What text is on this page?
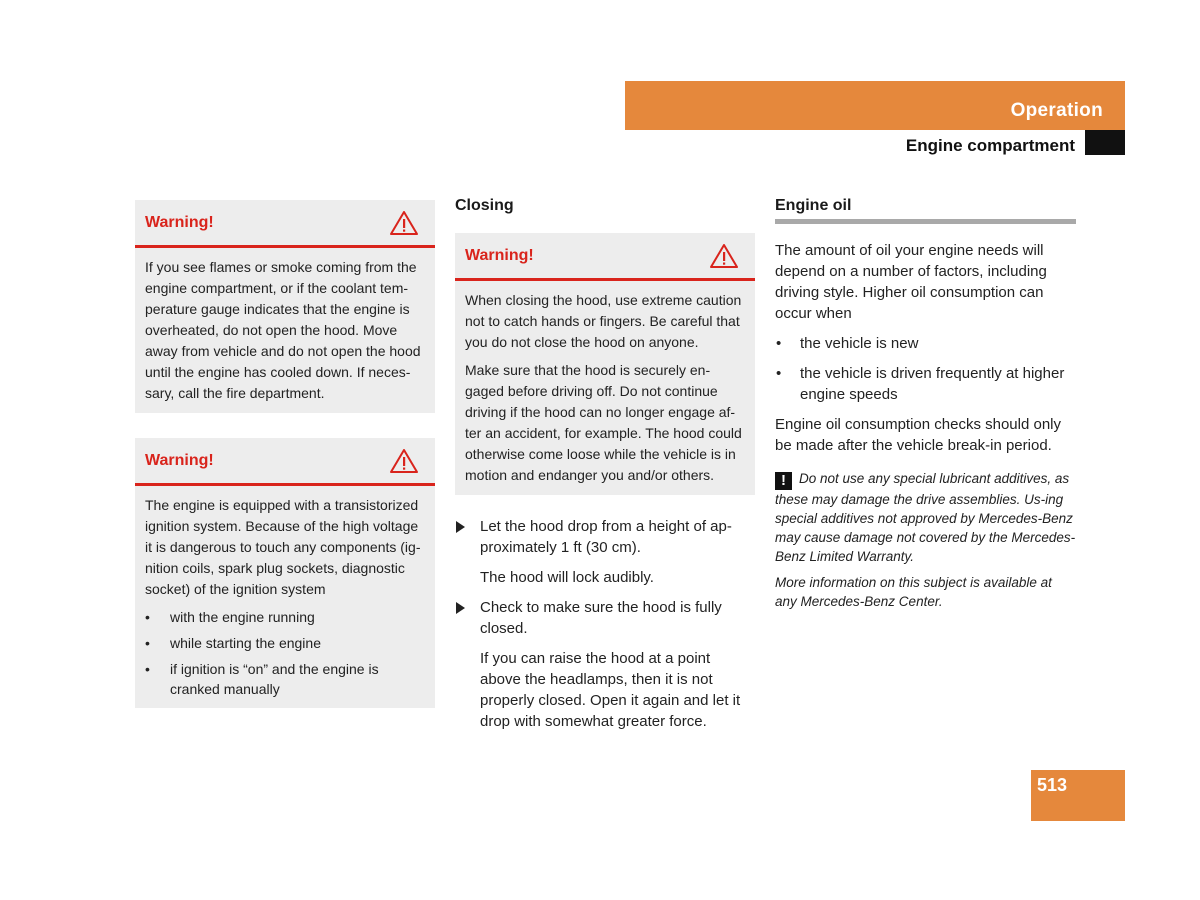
Operation
Engine compartment
Warning!

If you see flames or smoke coming from the engine compartment, or if the coolant tem-perature gauge indicates that the engine is overheated, do not open the hood. Move away from vehicle and do not open the hood until the engine has cooled down. If neces-sary, call the fire department.

Warning!

The engine is equipped with a transistorized ignition system. Because of the high voltage it is dangerous to touch any components (ig-nition coils, spark plug sockets, diagnostic socket) of the ignition system

• with the engine running
• while starting the engine
• if ignition is “on” and the engine is cranked manually
Closing
Warning!

When closing the hood, use extreme caution not to catch hands or fingers. Be careful that you do not close the hood on anyone.

Make sure that the hood is securely en-gaged before driving off. Do not continue driving if the hood can no longer engage af-ter an accident, for example. The hood could otherwise come loose while the vehicle is in motion and endanger you and/or others.

Let the hood drop from a height of ap-proximately 1 ft (30 cm).
The hood will lock audibly.
Check to make sure the hood is fully closed.
If you can raise the hood at a point above the headlamps, then it is not properly closed. Open it again and let it drop with somewhat greater force.
Engine oil
The amount of oil your engine needs will depend on a number of factors, including driving style. Higher oil consumption can occur when
• the vehicle is new
• the vehicle is driven frequently at higher engine speeds
Engine oil consumption checks should only be made after the vehicle break-in period.
! Do not use any special lubricant additives, as these may damage the drive assemblies. Us-ing special additives not approved by Mercedes-Benz may cause damage not covered by the Mercedes-Benz Limited Warranty.
More information on this subject is available at any Mercedes-Benz Center.
513
